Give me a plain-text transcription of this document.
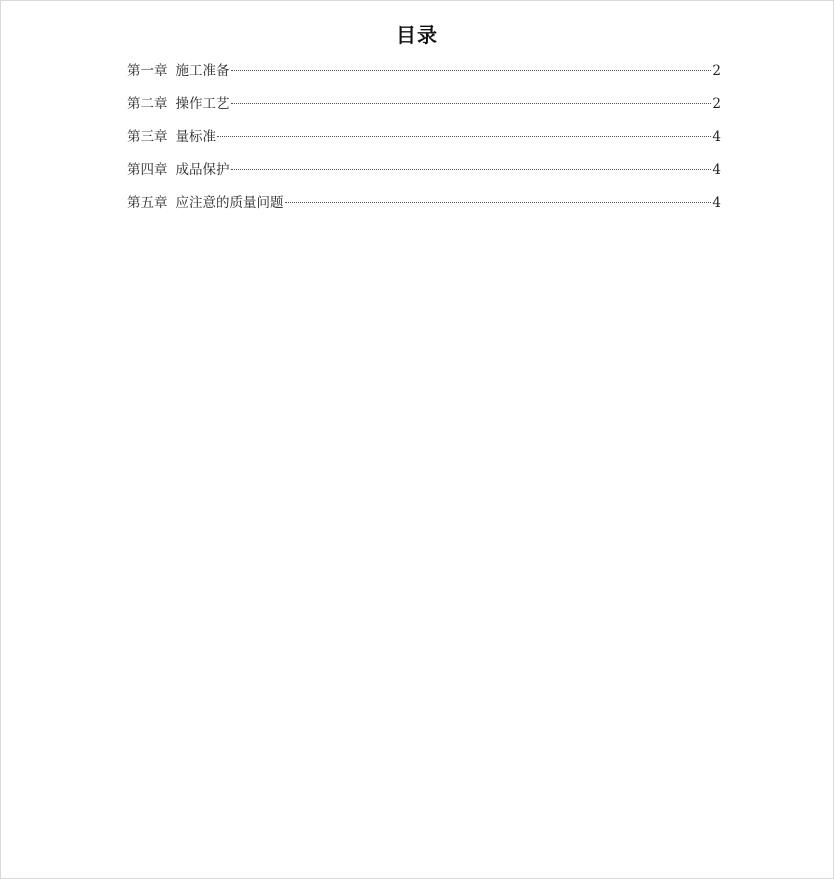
目录
第一章 施工准备	2
第二章 操作工艺	2
第三章 量标准	4
第四章 成品保护	4
第五章 应注意的质量问题	4
